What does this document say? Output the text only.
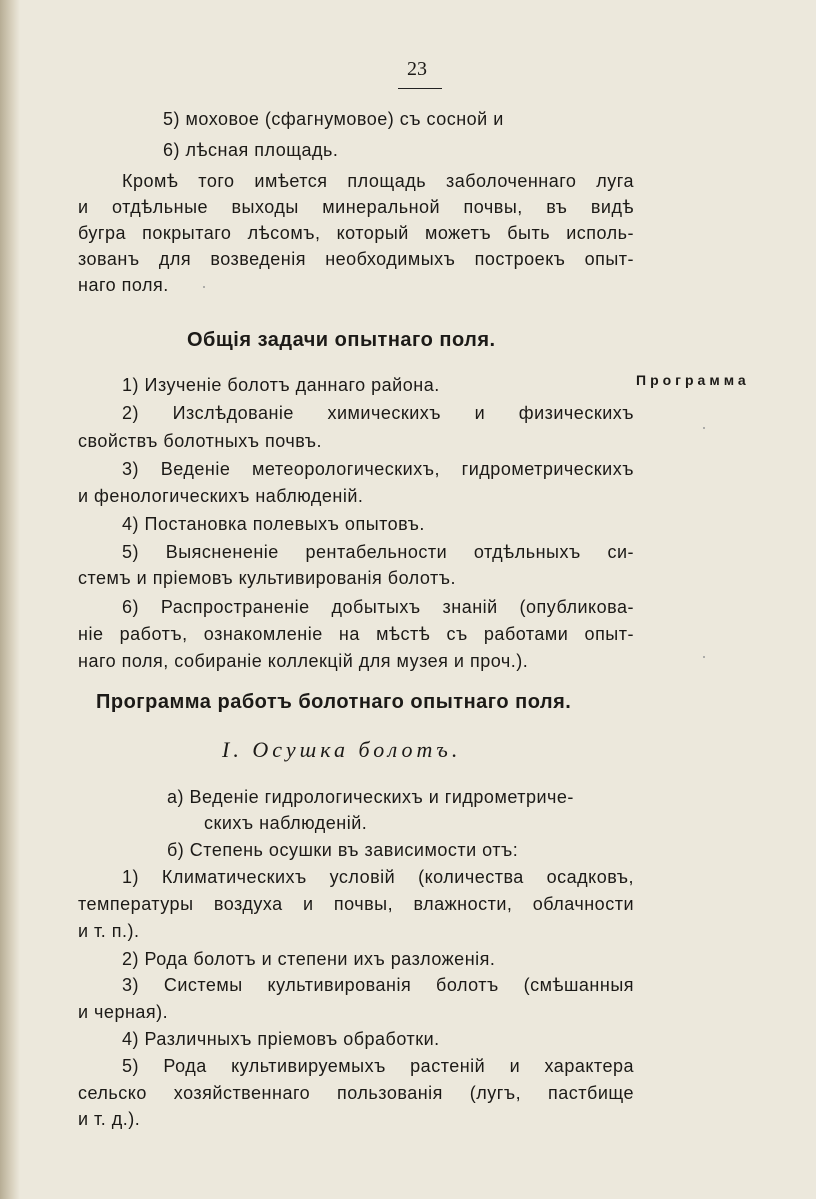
23
Программа
5) моховое (сфагнумовое) съ сосной и
6) лѣсная площадь.
Кромѣ того имѣется площадь заболоченнаго луга
и отдѣльные выходы минеральной почвы, въ видѣ
бугра покрытаго лѣсомъ, который можетъ быть исполь-
зованъ для возведенія необходимыхъ построекъ опыт-
наго поля.
Общія задачи опытнаго поля.
1) Изученіе болотъ даннаго района.
2) Изслѣдованіе химическихъ и физическихъ
свойствъ болотныхъ почвъ.
3) Веденіе метеорологическихъ, гидрометрическихъ
и фенологическихъ наблюденій.
4) Постановка полевыхъ опытовъ.
5) Выяснененіе рентабельности отдѣльныхъ си-
стемъ и пріемовъ культивированія болотъ.
6) Распространеніе добытыхъ знаній (опубликова-
ніе работъ, ознакомленіе на мѣстѣ съ работами опыт-
наго поля, собираніе коллекцій для музея и проч.).
Программа работъ болотнаго опытнаго поля.
I. Осушка болотъ.
а) Веденіе гидрологическихъ и гидрометриче-
скихъ наблюденій.
б) Степень осушки въ зависимости отъ:
1) Климатическихъ условій (количества осадковъ,
температуры воздуха и почвы, влажности, облачности
и т. п.).
2) Рода болотъ и степени ихъ разложенія.
3) Системы культивированія болотъ (смѣшанныя
и черная).
4) Различныхъ пріемовъ обработки.
5) Рода культивируемыхъ растеній и характера
сельско хозяйственнаго пользованія (лугъ, пастбище
и т. д.).
